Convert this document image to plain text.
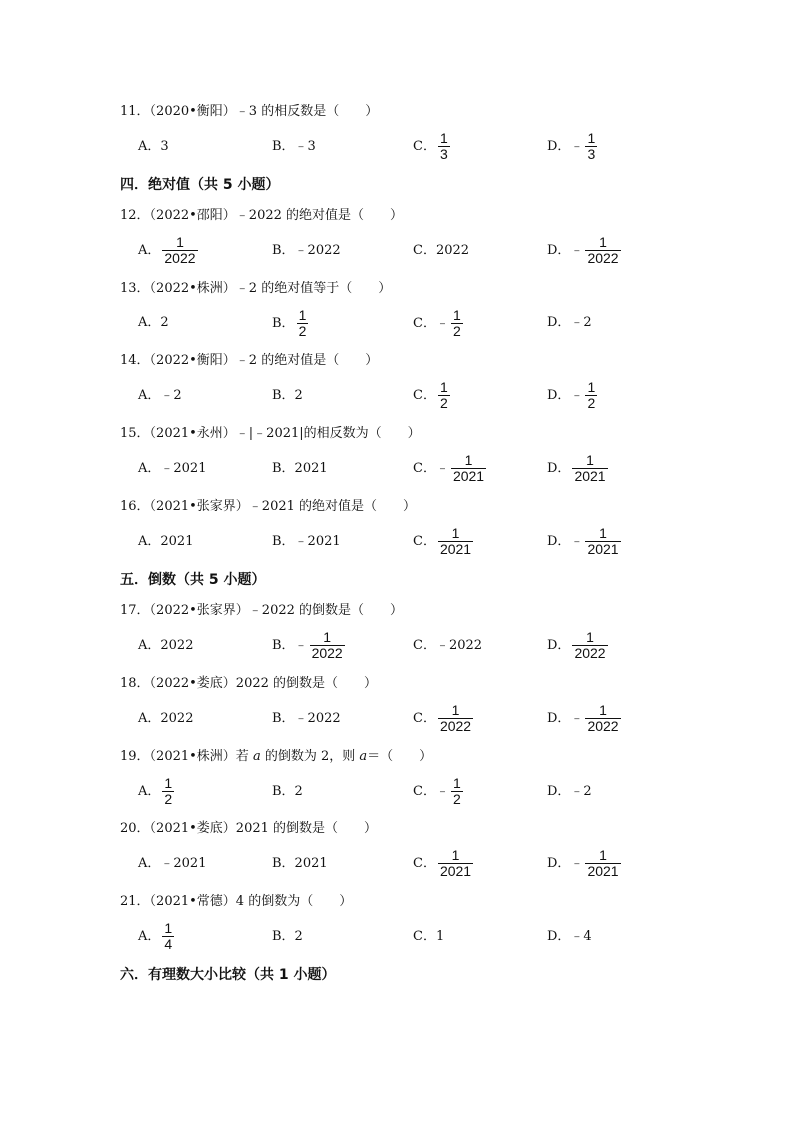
11．（2020•衡阳）﹣3 的相反数是（　　）
A．3	B．﹣3	C． $\frac{1}{3}$	D．﹣ $\frac{1}{3}$
四．绝对值（共 5 小题）
12．（2022•邵阳）﹣2022 的绝对值是（　　）
A． $\frac{1}{2022}$	B．﹣2022	C．2022	D．﹣ $\frac{1}{2022}$
13．（2022•株洲）﹣2 的绝对值等于（　　）
A．2	B． $\frac{1}{2}$	C．﹣ $\frac{1}{2}$	D．﹣2
14．（2022•衡阳）﹣2 的绝对值是（　　）
A．﹣2	B．2	C． $\frac{1}{2}$	D．﹣ $\frac{1}{2}$
15．（2021•永州）﹣|﹣2021|的相反数为（　　）
A．﹣2021	B．2021	C．﹣ $\frac{1}{2021}$	D． $\frac{1}{2021}$
16．（2021•张家界）﹣2021 的绝对值是（　　）
A．2021	B．﹣2021	C． $\frac{1}{2021}$	D．﹣ $\frac{1}{2021}$
五．倒数（共 5 小题）
17．（2022•张家界）﹣2022 的倒数是（　　）
A．2022	B．﹣ $\frac{1}{2022}$	C．﹣2022	D． $\frac{1}{2022}$
18．（2022•娄底）2022 的倒数是（　　）
A．2022	B．﹣2022	C． $\frac{1}{2022}$	D．﹣ $\frac{1}{2022}$
19．（2021•株洲）若 a 的倒数为 2，则 a＝（　　）
A． $\frac{1}{2}$	B．2	C．﹣ $\frac{1}{2}$	D．﹣2
20．（2021•娄底）2021 的倒数是（　　）
A．﹣2021	B．2021	C． $\frac{1}{2021}$	D．﹣ $\frac{1}{2021}$
21．（2021•常德）4 的倒数为（　　）
A． $\frac{1}{4}$	B．2	C．1	D．﹣4
六．有理数大小比较（共 1 小题）
